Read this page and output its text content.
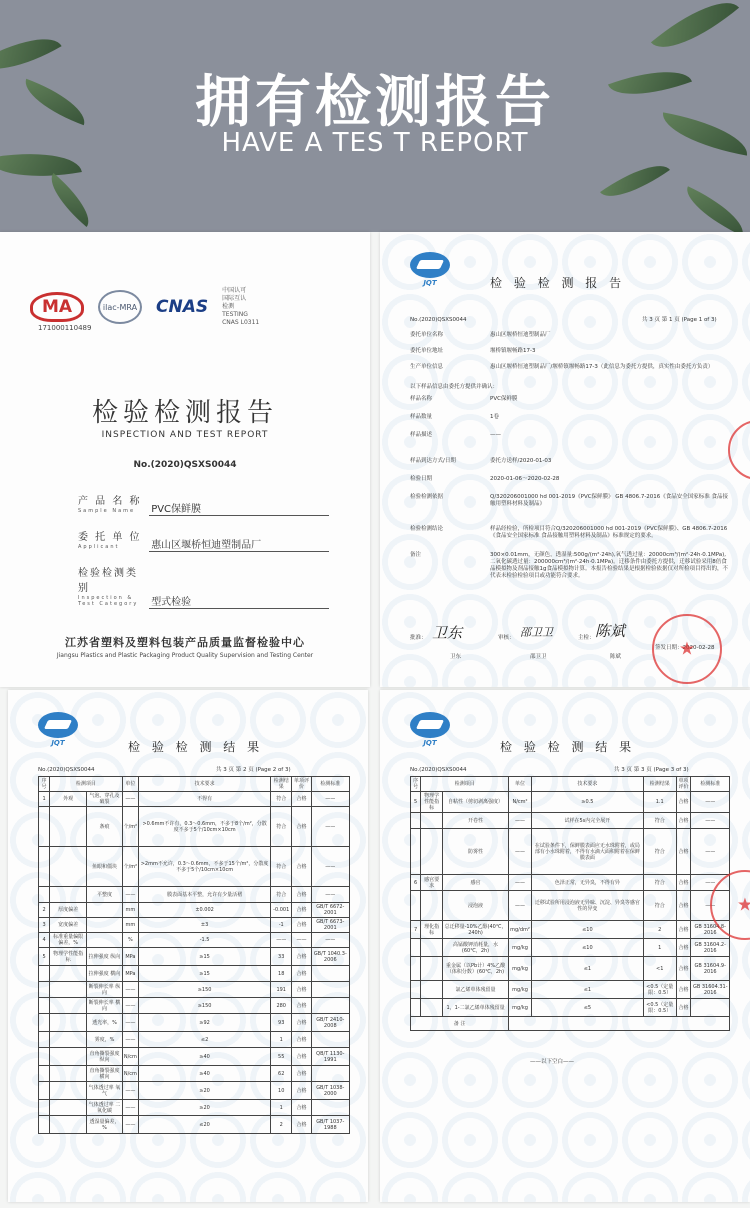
拥有检测报告
HAVE A TES T REPORT
MA	ilac-MRA CNAS
中国认可
国际互认
检测
TESTING
CNAS L0311
171000110489
检验检测报告
INSPECTION AND TEST REPORT
No.(2020)QSXS0044
产 品 名 称
Sample Name	PVC保鲜膜
委 托 单 位
Applicant	惠山区堰桥恒迪塑制品厂
检验检测类别
Inspection & Test Category	型式检验
江苏省塑料及塑料包装产品质量监督检验中心
Jiangsu Plastics and Plastic Packaging Product Quality Supervision and Testing Center
JQT	检 验 检 测 报 告
No.(2020)QSXS0044	共 3 页 第 1 页 (Page 1 of 3)
委托单位名称	惠山区堰桥恒迪塑制品厂
委托单位地址	堰桥镇堰畅路17-3
生产单位信息	惠山区堰桥恒迪塑制品厂/堰桥镇堰畅路17-3（此信息为委托方提供，真实性由委托方负责）
以下样品信息由委托方提供并确认：
样品名称	PVC保鲜膜
样品数量	1卷
样品描述	——
样品到达方式/日期	委托方送样/2020-01-03
检验日期	2020-01-06～2020-02-28
检验检测依据	Q/320206001000 hd 001-2019《PVC保鲜膜》 GB 4806.7-2016《食品安全国家标准 食品接触用塑料材料及制品》
检验检测结论	样品经检验，所检项目符合Q/320206001000 hd 001-2019《PVC保鲜膜》、GB 4806.7-2016《食品安全国家标准 食品接触用塑料材料及制品》标准规定的要求。
备注	300×0.01mm，无颜色，透湿量:500g/(m²·24h),氧气透过量：20000cm³/(m²·24h·0.1MPa),二氧化碳透过量：200000cm³/(m²·24h·0.1MPa)。迁移条件由委托方提供，迁移试验采用8倍食品模拟物及剂品接触1g食品模拟物计算。本报告检验结果是根据检验依据仅对所检项目得出的，不代表未检验检验项目或功能符合要求。
批准： 卫东	审核： 邵卫卫	主检： 陈斌
卫东	邵卫卫	陈斌
签发日期：2020-02-28
★
★
JQT	检 验 检 测 结 果
No.(2020)QSXS0044	共 3 页 第 2 页 (Page 2 of 3)
序号	检测项目		单位	技术要求	检测结果	单项评价	检测标准
1	外观	气泡、穿孔及破裂	——	不得有	符合	合格	——
		条痕	个/m²	>0.6mm不许有，0.3～0.6mm，不多于8个/m²，分散度不多于5个/10cm×10cm	符合	合格	——
		鱼眼和僵块	个/m²	>2mm不允许，0.3～0.6mm，不多于15个/m²，分散度不多于5个/10cm×10cm	符合	合格	——
		平整度	——	膜表面基本平整，允许有少量活褶	符合	合格	——
2	厚度偏差		mm	±0.002	-0.001	合格	GB/T 6672-2001
3	宽度偏差		mm	±3	-1	合格	GB/T 6673-2001
4	标准重量偏限偏差，%		%	-1.5	——	——	——
5	物理学性能指标	拉伸强度 纵向	MPa	≥15	33	合格	GB/T 1040.3-2006
		拉伸强度 横向	MPa	≥15	18	合格	
		断裂伸长率 纵向	——	≥150	191	合格	
		断裂伸长率 横向	——	≥150	280	合格	
		透光率，%	——	≥92	93	合格	GB/T 2410-2008
		雾度，%	——	≤2	1	合格	
		直角撕裂强度 纵向	N/cm	≥40	55	合格	QB/T 1130-1991
		直角撕裂强度 横向	N/cm	≥40	62	合格	
		气体透过率 氧气	——	≥20	10	合格	GB/T 1038-2000
		气体透过率 二氧化碳	——	≥20	1	合格	
		透湿量偏差，%	——	≤20	2	合格	GB/T 1037-1988
JQT	检 验 检 测 结 果
No.(2020)QSXS0044	共 3 页 第 3 页 (Page 3 of 3)
序号	检测项目		单位	技术要求	检测结果	单项评价	检测标准
5	物理学性能指标	自粘性（剪切剥离强度）	N/cm²	≥0.5	1.1	合格	——
		开卷性	——	试样在5s内完全展开	符合	合格	——
		防雾性	——	在试验条件下，保鲜膜表面应无水珠附着，或局部有小水珠附着，不得有水滴大面积附着在保鲜膜表面	符合	合格	——
6	感官要求	感官	——	色泽正常，无异臭，不得有异	符合	合格	——
		浸泡液	——	迁移试验所用浸泡液无异味、沉淀、异臭等感官性的异变	符合	合格	——
7	理化指标	总迁移量-10%乙醇(40℃，240h)	mg/dm²	≤10	2	合格	GB 31604.8-2016
		高锰酸钾消耗量，水(60℃，2h)	mg/kg	≤10	1	合格	GB 31604.2-2016
		重金属（以Pb计）4%乙酸（体积分数）(60℃，2h)	mg/kg	≤1	<1	合格	GB 31604.9-2016
		氯乙烯单体残留量	mg/kg	≤1	<0.5（定量限：0.5）	合格	GB 31604.31-2016
		1，1-二氯乙烯单体残留量	mg/kg	≤5	<0.5（定量限：0.5）	合格	
备 注							
——以下空白——
★
